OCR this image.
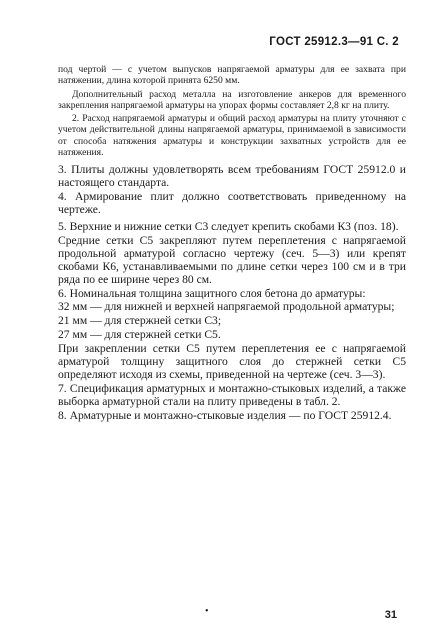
ГОСТ 25912.3—91 С. 2

под чертой — с учетом выпусков напрягаемой арматуры для ее захвата при натяжении, длина которой принята 6250 мм.

Дополнительный расход металла на изготовление анкеров для временного закрепления напрягаемой арматуры на упорах формы составляет 2,8 кг на плиту.

2. Расход напрягаемой арматуры и общий расход арматуры на плиту уточняют с учетом действительной длины напрягаемой арматуры, принимаемой в зависимости от способа натяжения арматуры и конструкции захватных устройств для ее натяжения.

3. Плиты должны удовлетворять всем требованиям ГОСТ 25912.0 и настоящего стандарта.

4. Армирование плит должно соответствовать приведенному на чертеже.

5. Верхние и нижние сетки С3 следует крепить скобами К3 (поз. 18).

Средние сетки С5 закрепляют путем переплетения с напрягаемой продольной арматурой согласно чертежу (сеч. 5—3) или крепят скобами К6, устанавливаемыми по длине сетки через 100 см и в три ряда по ее ширине через 80 см.

6. Номинальная толщина защитного слоя бетона до арматуры:

32 мм — для нижней и верхней напрягаемой продольной арматуры;

21 мм — для стержней сетки С3;

27 мм — для стержней сетки С5.

При закреплении сетки С5 путем переплетения ее с напрягаемой арматурой толщину защитного слоя до стержней сетки С5 определяют исходя из схемы, приведенной на чертеже (сеч. 3—3).

7. Спецификация арматурных и монтажно-стыковых изделий, а также выборка арматурной стали на плиту приведены в табл. 2.

8. Арматурные и монтажно-стыковые изделия — по ГОСТ 25912.4.

•	31
